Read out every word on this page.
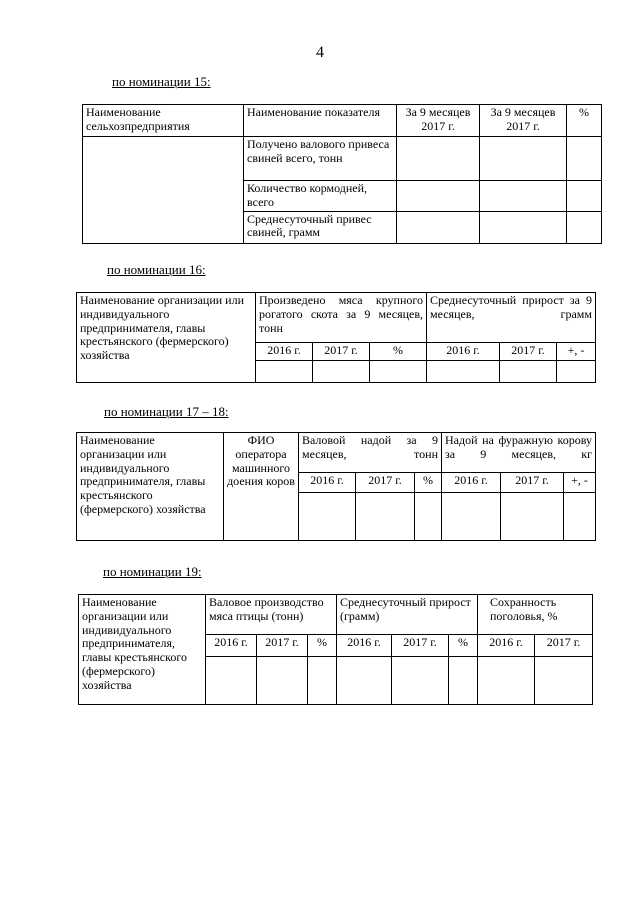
4
по номинации 15:
Наименование сельхозпредприятия	Наименование показателя	За 9 месяцев 2017 г.	За 9 месяцев 2017 г.	%
	Получено валового привеса свиней всего, тонн			
	Количество кормодней, всего			
	Среднесуточный привес свиней, грамм			
по номинации 16:
Наименование организации или индивидуального предпринимателя, главы крестьянского (фермерского) хозяйства	Произведено мяса крупного рогатого скота за 9 месяцев, тонн			Среднесуточный прирост за 9 месяцев, грамм		
	2016 г.	2017 г.	%	2016 г.	2017 г.	+, -

по номинации 17 – 18:
Наименование организации или индивидуального предпринимателя, главы крестьянского (фермерского) хозяйства	ФИО оператора машинного доения коров	Валовой надой за 9 месяцев, тонн			Надой на фуражную корову за 9 месяцев, кг		
		2016 г.	2017 г.	%	2016 г.	2017 г.	+, -

по номинации 19:
Наименование организации или индивидуального предпринимателя, главы крестьянского (фермерского) хозяйства	Валовое производство мяса птицы (тонн)			Среднесуточный прирост (грамм)			Сохранность поголовья, %	
	2016 г.	2017 г.	%	2016 г.	2017 г.	%	2016 г.	2017 г.
